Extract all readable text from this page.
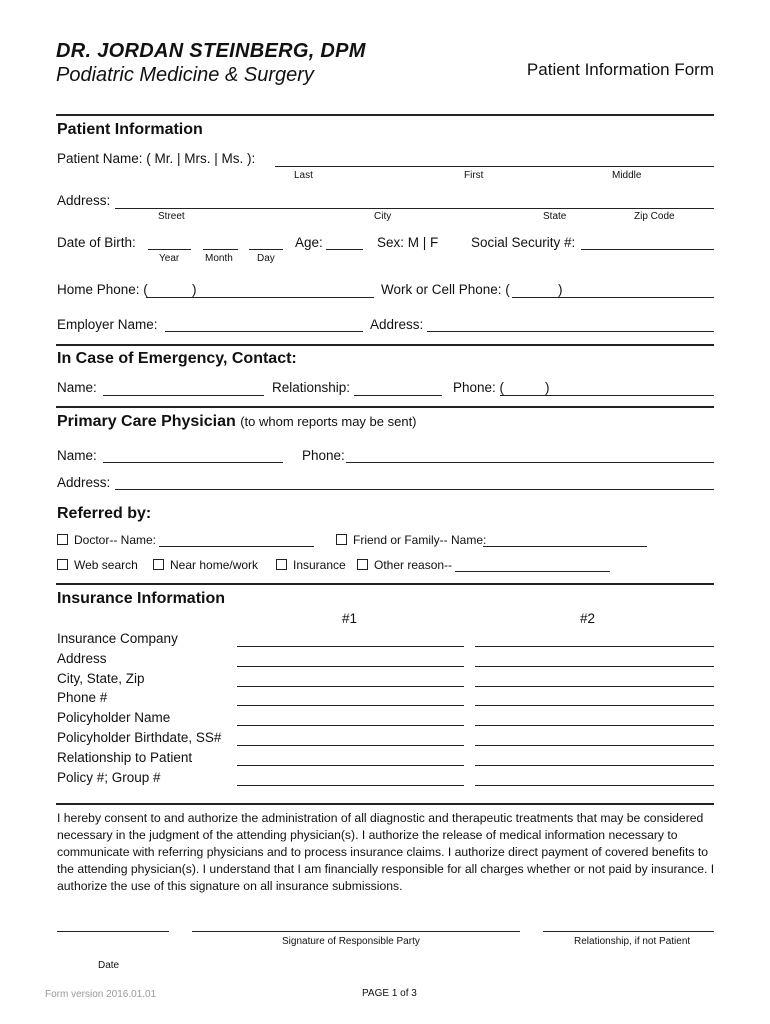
DR. JORDAN STEINBERG, DPM
Podiatric Medicine & Surgery	Patient Information Form
Patient Information
Patient Name: ( Mr. | Mrs. | Ms. ):
Last	First	Middle
Address:
Street	City	State	Zip Code
Date of Birth:
Year	Month Day
Age:	Sex: M | F Social Security #:
Home Phone: (	)	Work or Cell Phone: (	)
Employer Name:	Address:
In Case of Emergency, Contact:
Name:	Relationship:	Phone: (	)
Primary Care Physician (to whom reports may be sent)
Name:	Phone:
Address:
Referred by:
Doctor-- Name:	Friend or Family-- Name:
Web search	Near home/work	Insurance	Other reason--
Insurance Information
#1	#2
Insurance Company
Address
City, State, Zip
Phone #
Policyholder Name
Policyholder Birthdate, SS#
Relationship to Patient
Policy #; Group #
I hereby consent to and authorize the administration of all diagnostic and therapeutic treatments that may be considered necessary in the judgment of the attending physician(s). I authorize the release of medical information necessary to communicate with referring physicians and to process insurance claims. I authorize direct payment of covered benefits to the attending physician(s). I understand that I am financially responsible for all charges whether or not paid by insurance. I authorize the use of this signature on all insurance submissions.
Signature of Responsible Party	Relationship, if not Patient
Date
Form version 2016.01.01	PAGE 1 of 3
